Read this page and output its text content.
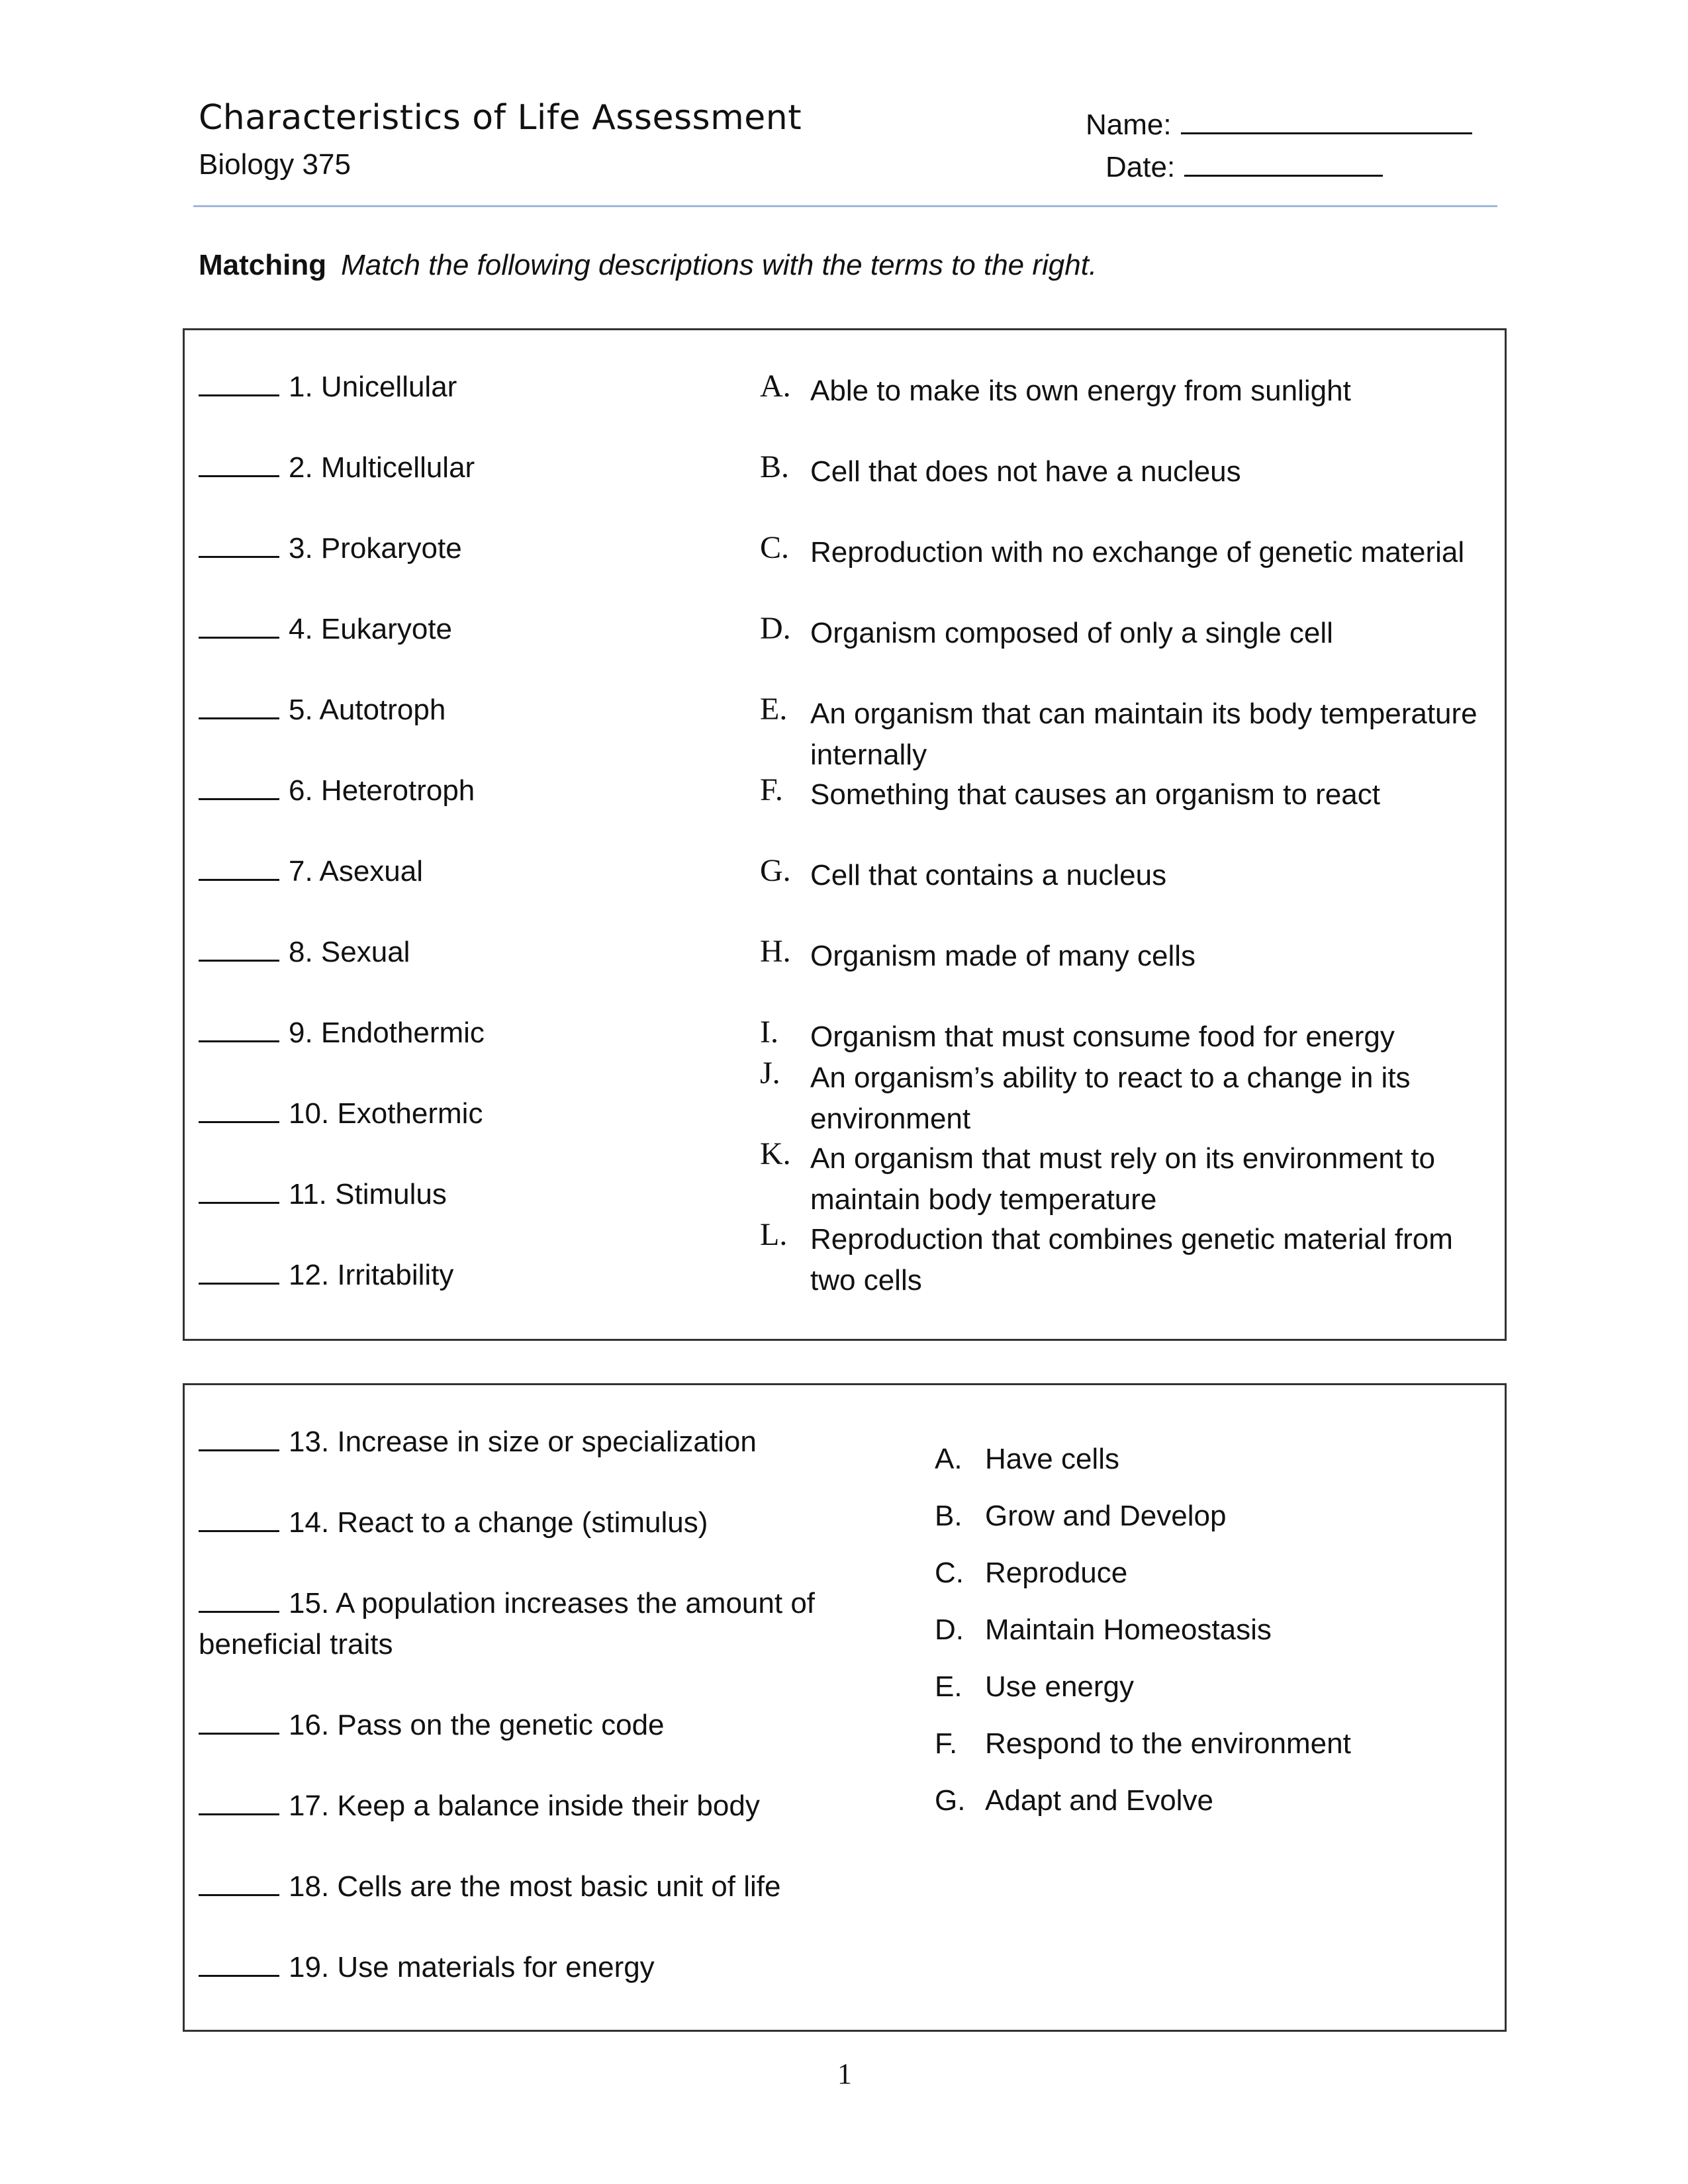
Characteristics of Life Assessment
Biology 375
Name:
Date:
Matching Match the following descriptions with the terms to the right.
1. Unicellular
2. Multicellular
3. Prokaryote
4. Eukaryote
5. Autotroph
6. Heterotroph
7. Asexual
8. Sexual
9. Endothermic
10. Exothermic
11. Stimulus
12. Irritability
A. Able to make its own energy from sunlight
B. Cell that does not have a nucleus
C. Reproduction with no exchange of genetic material
D. Organism composed of only a single cell
E. An organism that can maintain its body temperature internally
F. Something that causes an organism to react
G. Cell that contains a nucleus
H. Organism made of many cells
I. Organism that must consume food for energy
J. An organism’s ability to react to a change in its environment
K. An organism that must rely on its environment to maintain body temperature
L. Reproduction that combines genetic material from two cells
13. Increase in size or specialization
14. React to a change (stimulus)
15. A population increases the amount of beneficial traits
16. Pass on the genetic code
17. Keep a balance inside their body
18. Cells are the most basic unit of life
19. Use materials for energy
A. Have cells
B. Grow and Develop
C. Reproduce
D. Maintain Homeostasis
E. Use energy
F. Respond to the environment
G. Adapt and Evolve
1
